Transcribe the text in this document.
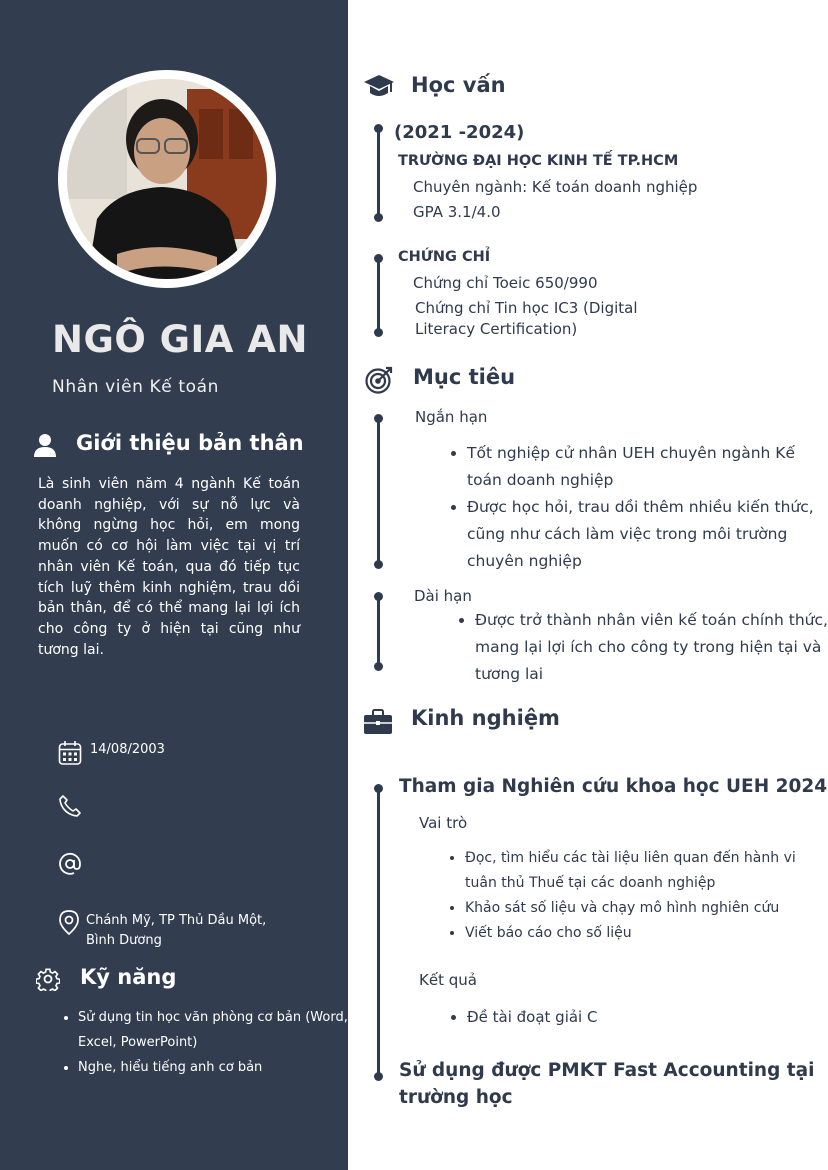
NGÔ GIA AN
Nhân viên Kế toán
Giới thiệu bản thân
Là sinh viên năm 4 ngành Kế toán doanh nghiệp, với sự nỗ lực và không ngừng học hỏi, em mong muốn có cơ hội làm việc tại vị trí nhân viên Kế toán, qua đó tiếp tục tích luỹ thêm kinh nghiệm, trau dồi bản thân, để có thể mang lại lợi ích cho công ty ở hiện tại cũng như tương lai.
14/08/2003
Chánh Mỹ, TP Thủ Dầu Một,
Bình Dương
Kỹ năng
• Sử dụng tin học văn phòng cơ bản (Word, Excel, PowerPoint)
• Nghe, hiểu tiếng anh cơ bản
Học vấn
(2021 -2024)
TRƯỜNG ĐẠI HỌC KINH TẾ TP.HCM
Chuyên ngành: Kế toán doanh nghiệp
GPA 3.1/4.0
CHỨNG CHỈ
Chứng chỉ Toeic 650/990
Chứng chỉ Tin học IC3 (Digital
Literacy Certification)
Mục tiêu
Ngắn hạn
• Tốt nghiệp cử nhân UEH chuyên ngành Kế toán doanh nghiệp
• Được học hỏi, trau dồi thêm nhiều kiến thức, cũng như cách làm việc trong môi trường chuyên nghiệp
Dài hạn
• Được trở thành nhân viên kế toán chính thức, mang lại lợi ích cho công ty trong hiện tại và tương lai
Kinh nghiệm
Tham gia Nghiên cứu khoa học UEH 2024
Vai trò
• Đọc, tìm hiểu các tài liệu liên quan đến hành vi tuân thủ Thuế tại các doanh nghiệp
• Khảo sát số liệu và chạy mô hình nghiên cứu
• Viết báo cáo cho số liệu
Kết quả
• Đề tài đoạt giải C
Sử dụng được PMKT Fast Accounting tại trường học
